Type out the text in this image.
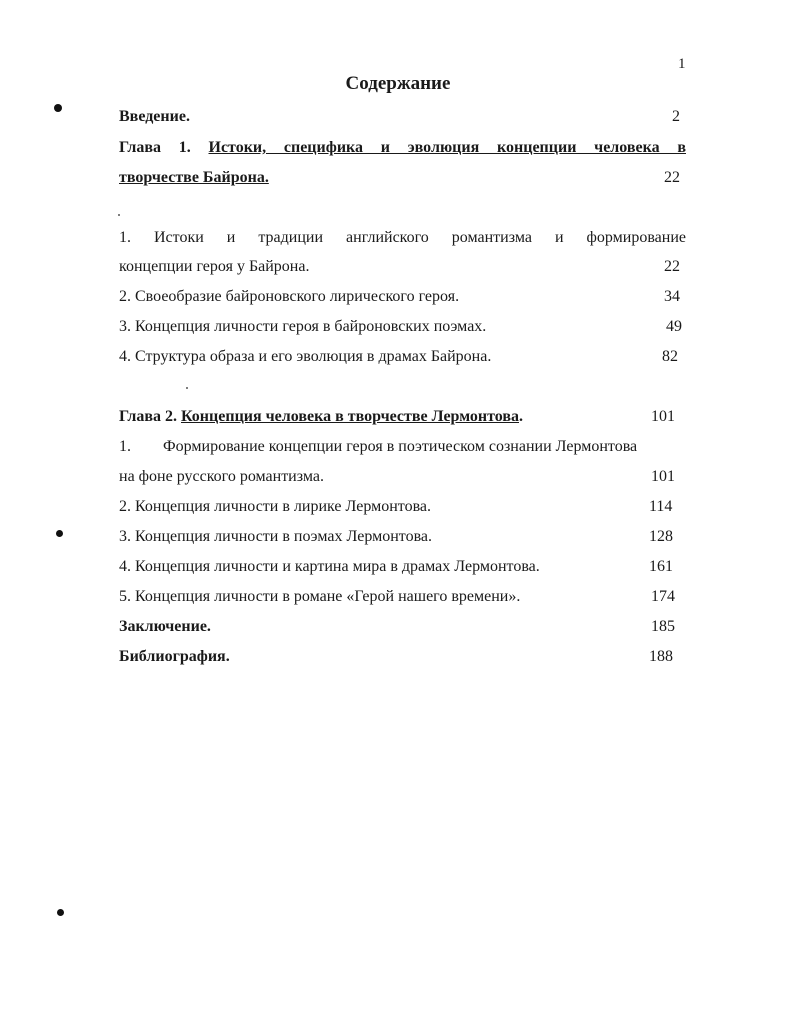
1
Содержание
Введение.	2
Глава 1. Истоки, специфика и эволюция концепции человека в
творчестве Байрона.	22
1. Истоки и традиции английского романтизма и формирование
концепции героя у Байрона.	22
2. Своеобразие байроновского лирического героя.	34
3. Концепция личности героя в байроновских поэмах.	49
4. Структура образа и его эволюция в драмах Байрона.	82
Глава 2. Концепция человека в творчестве Лермонтова.	101
1. Формирование концепции героя в поэтическом сознании Лермонтова
на фоне русского романтизма.	101
2. Концепция личности в лирике Лермонтова.	114
3. Концепция личности в поэмах Лермонтова.	128
4. Концепция личности и картина мира в драмах Лермонтова.	161
5. Концепция личности в романе «Герой нашего времени».	174
Заключение.	185
Библиография.	188
